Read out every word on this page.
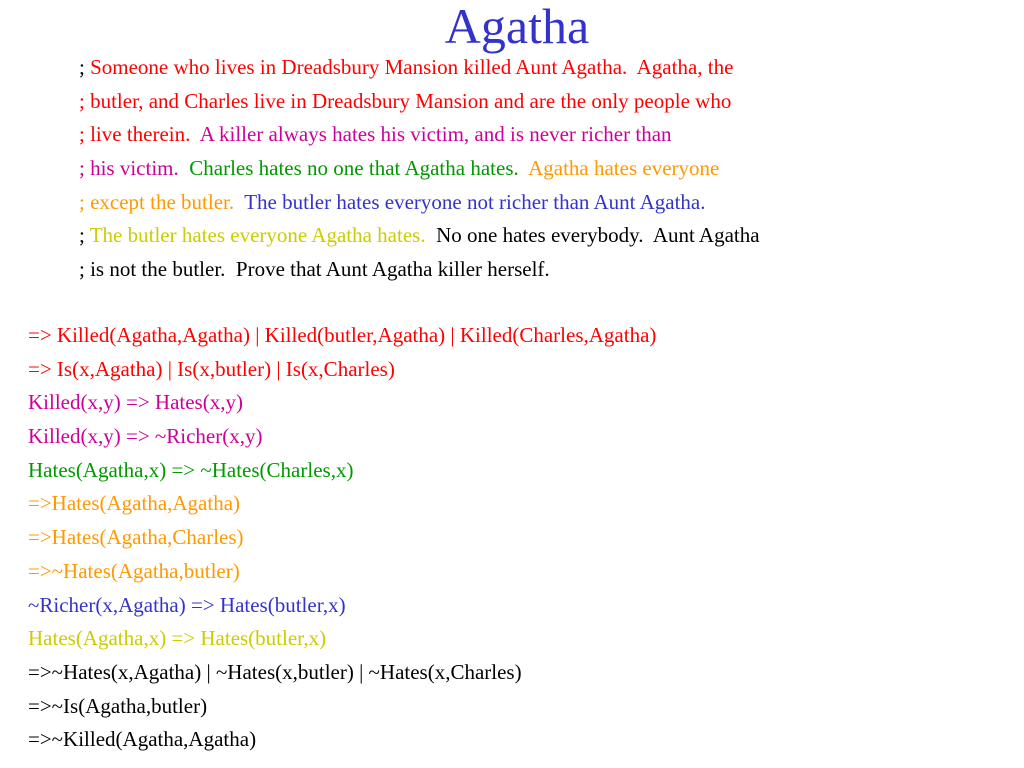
Agatha
; Someone who lives in Dreadsbury Mansion killed Aunt Agatha.  Agatha, the
; butler, and Charles live in Dreadsbury Mansion and are the only people who
; live therein.  A killer always hates his victim, and is never richer than
; his victim.  Charles hates no one that Agatha hates.  Agatha hates everyone
; except the butler.  The butler hates everyone not richer than Aunt Agatha.
; The butler hates everyone Agatha hates.  No one hates everybody.  Aunt Agatha
; is not the butler.  Prove that Aunt Agatha killer herself.
=> Killed(Agatha,Agatha) | Killed(butler,Agatha) | Killed(Charles,Agatha)
=> Is(x,Agatha) | Is(x,butler) | Is(x,Charles)
Killed(x,y) => Hates(x,y)
Killed(x,y) => ~Richer(x,y)
Hates(Agatha,x) => ~Hates(Charles,x)
=>Hates(Agatha,Agatha)
=>Hates(Agatha,Charles)
=>~Hates(Agatha,butler)
~Richer(x,Agatha) => Hates(butler,x)
Hates(Agatha,x) => Hates(butler,x)
=>~Hates(x,Agatha) | ~Hates(x,butler) | ~Hates(x,Charles)
=>~Is(Agatha,butler)
=>~Killed(Agatha,Agatha)
